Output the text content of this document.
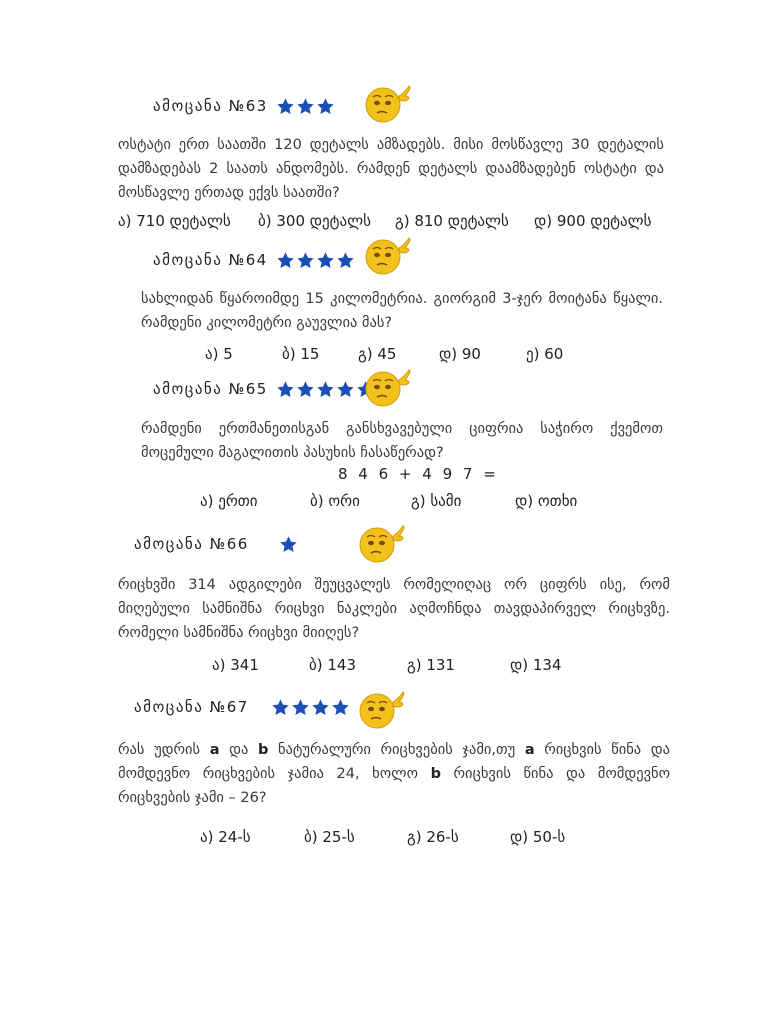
ამოცანა №63
ოსტატი ერთ საათში 120 დეტალს ამზადებს. მისი მოსწავლე 30 დეტალის დამზადებას 2 საათს ანდომებს. რამდენ დეტალს დაამზადებენ ოსტატი და მოსწავლე ერთად ექვს საათში?
ა) 710 დეტალს ბ) 300 დეტალს გ) 810 დეტალს დ) 900 დეტალს
ამოცანა №64
სახლიდან წყაროიმდე 15 კილომეტრია. გიორგიმ 3-ჯერ მოიტანა წყალი. რამდენი კილომეტრი გაუვლია მას?
ა) 5	ბ) 15	გ) 45	დ) 90	ე) 60
ამოცანა №65
რამდენი ერთმანეთისგან განსხვავებული ციფრია საჭირო ქვემოთ მოცემული მაგალითის პასუხის ჩასაწერად?
8 4 6 + 4 9 7 =
ა) ერთი	ბ) ორი	გ) სამი	დ) ოთხი
ამოცანა №66
რიცხვში 314 ადგილები შეუცვალეს რომელიღაც ორ ციფრს ისე, რომ მიღებული სამნიშნა რიცხვი ნაკლები აღმოჩნდა თავდაპირველ რიცხვზე. რომელი სამნიშნა რიცხვი მიიღეს?
ა) 341	ბ) 143	გ) 131	დ) 134
ამოცანა №67
რას უდრის a და b ნატურალური რიცხვების ჯამი,თუ a რიცხვის წინა და მომდევნო რიცხვების ჯამია 24, ხოლო b რიცხვის წინა და მომდევნო რიცხვების ჯამი – 26?
ა) 24-ს	ბ) 25-ს	გ) 26-ს	დ) 50-ს
